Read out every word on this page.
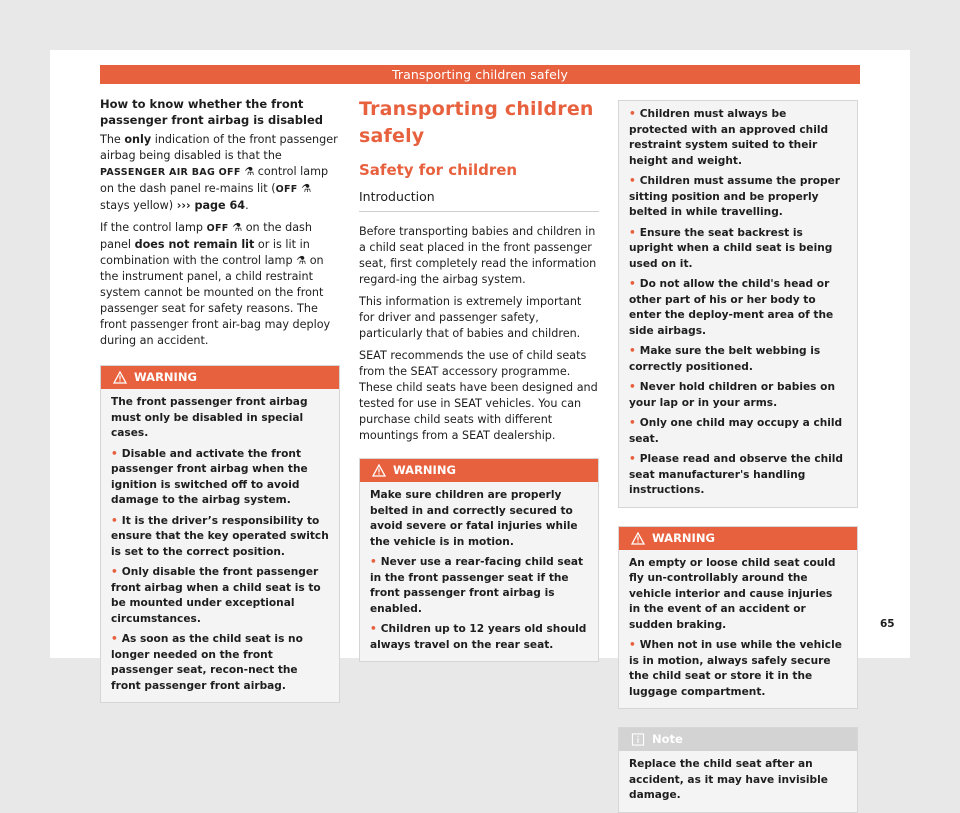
Transporting children safely

How to know whether the front passenger front airbag is disabled

The only indication of the front passenger airbag being disabled is that the PASSENGER AIR BAG OFF ⚗ control lamp on the dash panel re-mains lit (OFF ⚗ stays yellow) ››› page 64.

If the control lamp OFF ⚗ on the dash panel does not remain lit or is lit in combination with the control lamp ⚗ on the instrument panel, a child restraint system cannot be mounted on the front passenger seat for safety reasons. The front passenger front air-bag may deploy during an accident.

WARNING

The front passenger front airbag must only be disabled in special cases.

• Disable and activate the front passenger front airbag when the ignition is switched off to avoid damage to the airbag system.

• It is the driver’s responsibility to ensure that the key operated switch is set to the correct position.

• Only disable the front passenger front airbag when a child seat is to be mounted under exceptional circumstances.

• As soon as the child seat is no longer needed on the front passenger seat, recon-nect the front passenger front airbag.

Transporting children safely
Safety for children
Introduction

Before transporting babies and children in a child seat placed in the front passenger seat, first completely read the information regard-ing the airbag system.

This information is extremely important for driver and passenger safety, particularly that of babies and children.

SEAT recommends the use of child seats from the SEAT accessory programme. These child seats have been designed and tested for use in SEAT vehicles. You can purchase child seats with different mountings from a SEAT dealership.

WARNING

Make sure children are properly belted in and correctly secured to avoid severe or fatal injuries while the vehicle is in motion.

• Never use a rear-facing child seat in the front passenger seat if the front passenger front airbag is enabled.

• Children up to 12 years old should always travel on the rear seat.

• Children must always be protected with an approved child restraint system suited to their height and weight.

• Children must assume the proper sitting position and be properly belted in while travelling.

• Ensure the seat backrest is upright when a child seat is being used on it.

• Do not allow the child's head or other part of his or her body to enter the deploy-ment area of the side airbags.

• Make sure the belt webbing is correctly positioned.

• Never hold children or babies on your lap or in your arms.

• Only one child may occupy a child seat.

• Please read and observe the child seat manufacturer's handling instructions.

WARNING

An empty or loose child seat could fly un-controllably around the vehicle interior and cause injuries in the event of an accident or sudden braking.

• When not in use while the vehicle is in motion, always safely secure the child seat or store it in the luggage compartment.

Note

Replace the child seat after an accident, as it may have invisible damage.

65
